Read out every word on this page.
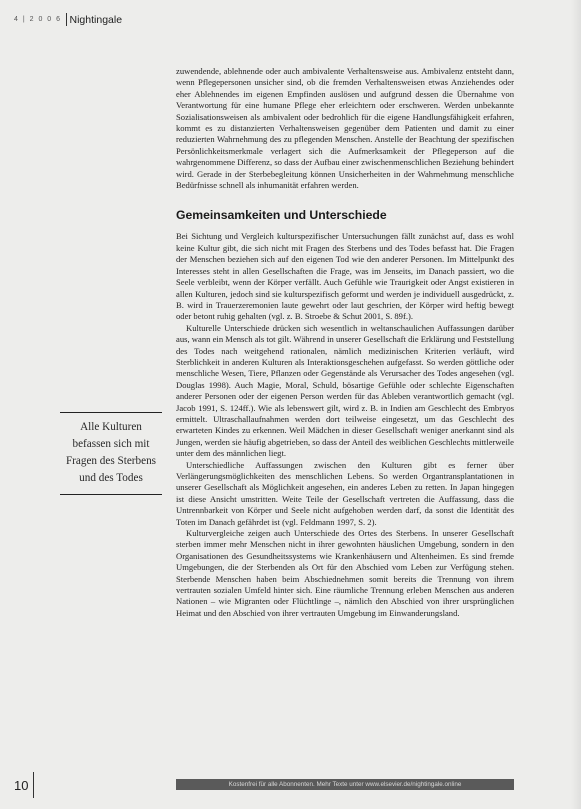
4 | 2 0 0 6 Nightingale

zuwendende, ablehnende oder auch ambivalente Verhaltensweise aus. Ambivalenz entsteht dann, wenn Pflegepersonen unsicher sind, ob die fremden Verhaltensweisen etwas Anziehendes oder eher Ablehnendes im eigenen Empfinden auslösen und aufgrund dessen die Übernahme von Verantwortung für eine humane Pflege eher erleichtern oder erschweren. Werden unbekannte Sozialisationsweisen als ambivalent oder bedrohlich für die eigene Handlungsfähigkeit erfahren, kommt es zu distanzierten Verhaltensweisen gegenüber dem Patienten und damit zu einer reduzierten Wahrnehmung des zu pflegenden Menschen. Anstelle der Beachtung der spezifischen Persönlichkeitsmerkmale verlagert sich die Aufmerksamkeit der Pflegeperson auf die wahrgenommene Differenz, so dass der Aufbau einer zwischenmenschlichen Beziehung behindert wird. Gerade in der Sterbebegleitung können Unsicherheiten in der Wahrnehmung menschliche Bedürfnisse schnell als inhumanität erfahren werden.

Gemeinsamkeiten und Unterschiede

Bei Sichtung und Vergleich kulturspezifischer Untersuchungen fällt zunächst auf, dass es wohl keine Kultur gibt, die sich nicht mit Fragen des Sterbens und des Todes befasst hat. Die Fragen der Menschen beziehen sich auf den eigenen Tod wie den anderer Personen. Im Mittelpunkt des Interesses steht in allen Gesellschaften die Frage, was im Jenseits, im Danach passiert, wo die Seele verbleibt, wenn der Körper verfällt. Auch Gefühle wie Traurigkeit oder Angst existieren in allen Kulturen, jedoch sind sie kulturspezifisch geformt und werden je individuell ausgedrückt, z. B. wird in Trauerzeremonien laute gewehrt oder laut geschrien, der Körper wird heftig bewegt oder betont ruhig gehalten (vgl. z. B. Stroebe & Schut 2001, S. 89f.).

Kulturelle Unterschiede drücken sich wesentlich in weltanschaulichen Auffassungen darüber aus, wann ein Mensch als tot gilt. Während in unserer Gesellschaft die Erklärung und Feststellung des Todes nach weitgehend rationalen, nämlich medizinischen Kriterien verläuft, wird Sterblichkeit in anderen Kulturen als Interaktionsgeschehen aufgefasst. So werden göttliche oder menschliche Wesen, Tiere, Pflanzen oder Gegenstände als Verursacher des Todes angesehen (vgl. Douglas 1998). Auch Magie, Moral, Schuld, bösartige Gefühle oder schlechte Eigenschaften anderer Personen oder der eigenen Person werden für das Ableben verantwortlich gemacht (vgl. Jacob 1991, S. 124ff.). Wie als lebenswert gilt, wird z. B. in Indien am Geschlecht des Embryos ermittelt. Ultraschallaufnahmen werden dort teilweise eingesetzt, um das Geschlecht des erwarteten Kindes zu erkennen. Weil Mädchen in dieser Gesellschaft weniger anerkannt sind als Jungen, werden sie häufig abgetrieben, so dass der Anteil des weiblichen Geschlechts mittlerweile unter dem des männlichen liegt.

Unterschiedliche Auffassungen zwischen den Kulturen gibt es ferner über Verlängerungsmöglichkeiten des menschlichen Lebens. So werden Organtransplantationen in unserer Gesellschaft als Möglichkeit angesehen, ein anderes Leben zu retten. In Japan hingegen ist diese Ansicht umstritten. Weite Teile der Gesellschaft vertreten die Auffassung, dass die Untrennbarkeit von Körper und Seele nicht aufgehoben werden darf, da sonst die Identität des Toten im Danach gefährdet ist (vgl. Feldmann 1997, S. 2).

Kulturvergleiche zeigen auch Unterschiede des Ortes des Sterbens. In unserer Gesellschaft sterben immer mehr Menschen nicht in ihrer gewohnten häuslichen Umgebung, sondern in den Organisationen des Gesundheitssystems wie Krankenhäusern und Altenheimen. Es sind fremde Umgebungen, die der Sterbenden als Ort für den Abschied vom Leben zur Verfügung stehen. Sterbende Menschen haben beim Abschiednehmen somit bereits die Trennung von ihrem vertrauten sozialen Umfeld hinter sich. Eine räumliche Trennung erleben Menschen aus anderen Nationen – wie Migranten oder Flüchtlinge –, nämlich den Abschied von ihrer ursprünglichen Heimat und den Abschied von ihrer vertrauten Umgebung im Einwanderungsland.

Alle Kulturen befassen sich mit Fragen des Sterbens und des Todes
10	Kostenfrei für alle Abonnenten. Mehr Texte unter www.elsevier.de/nightingale.online
